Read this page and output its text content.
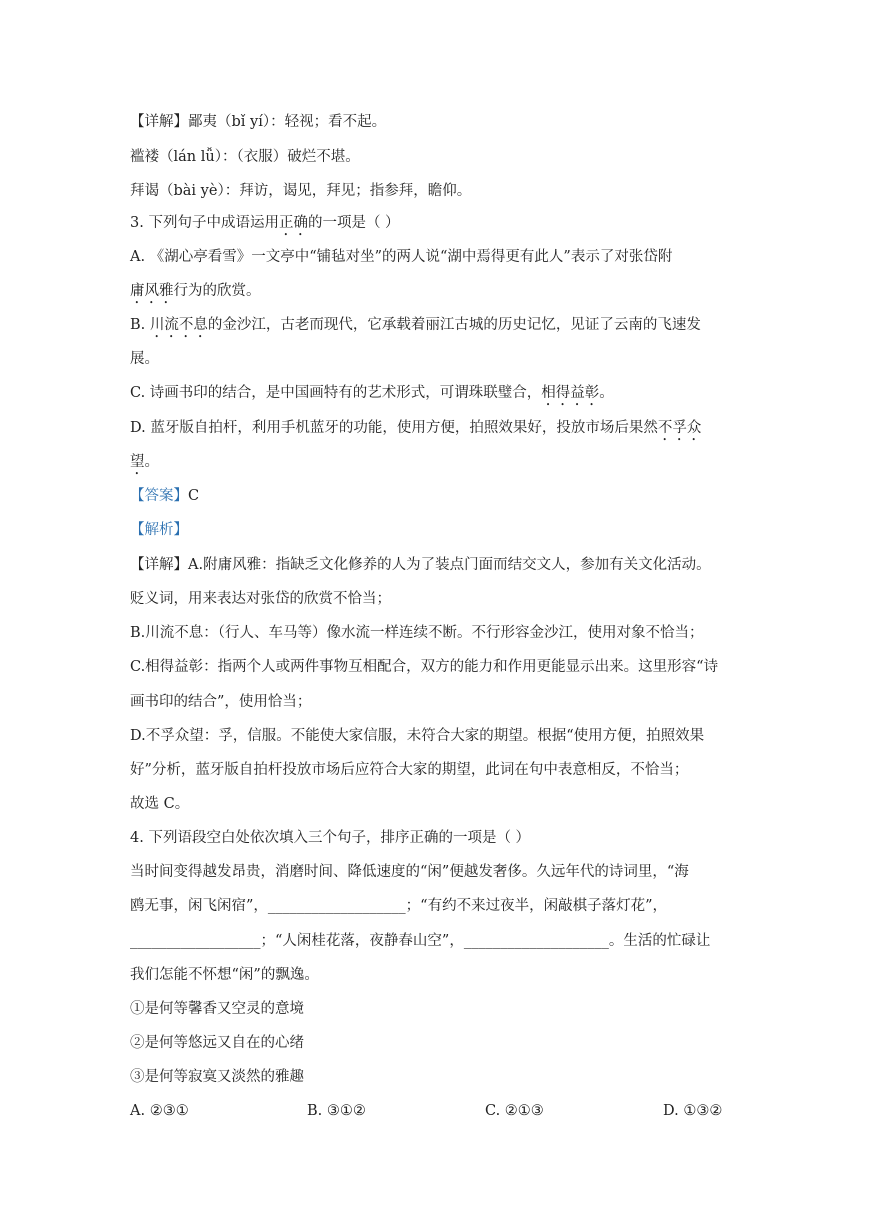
【详解】鄙夷（bǐ yí）：轻视；看不起。
褴褛（lán lǚ）：（衣服）破烂不堪。
拜谒（bài yè）：拜访，谒见，拜见；指参拜，瞻仰。
3. 下列句子中成语运用正确的一项是（ ）
A. 《湖心亭看雪》一文亭中“铺毡对坐”的两人说“湖中焉得更有此人”表示了对张岱附
庸风雅行为的欣赏。
B. 川流不息的金沙江，古老而现代，它承载着丽江古城的历史记忆，见证了云南的飞速发
展。
C. 诗画书印的结合，是中国画特有的艺术形式，可谓珠联璧合，相得益彰。
D. 蓝牙版自拍杆，利用手机蓝牙的功能，使用方便，拍照效果好，投放市场后果然不孚众
望。
【答案】C
【解析】
【详解】A.附庸风雅：指缺乏文化修养的人为了装点门面而结交文人，参加有关文化活动。
贬义词，用来表达对张岱的欣赏不恰当；
B.川流不息：（行人、车马等）像水流一样连续不断。不行形容金沙江，使用对象不恰当；
C.相得益彰：指两个人或两件事物互相配合，双方的能力和作用更能显示出来。这里形容“诗
画书印的结合”，使用恰当；
D.不孚众望：孚，信服。不能使大家信服，未符合大家的期望。根据“使用方便，拍照效果
好”分析，蓝牙版自拍杆投放市场后应符合大家的期望，此词在句中表意相反，不恰当；
故选 C。
4. 下列语段空白处依次填入三个句子，排序正确的一项是（ ）
当时间变得越发昂贵，消磨时间、降低速度的“闲”便越发奢侈。久远年代的诗词里，“海
鸥无事，闲飞闲宿”，___________________；“有约不来过夜半，闲敲棋子落灯花”，
__________________；“人闲桂花落，夜静春山空”，____________________。生活的忙碌让
我们怎能不怀想“闲”的飘逸。
①是何等馨香又空灵的意境
②是何等悠远又自在的心绪
③是何等寂寞又淡然的雅趣
A. ②③①	B. ③①②	C. ②①③	D. ①③②
